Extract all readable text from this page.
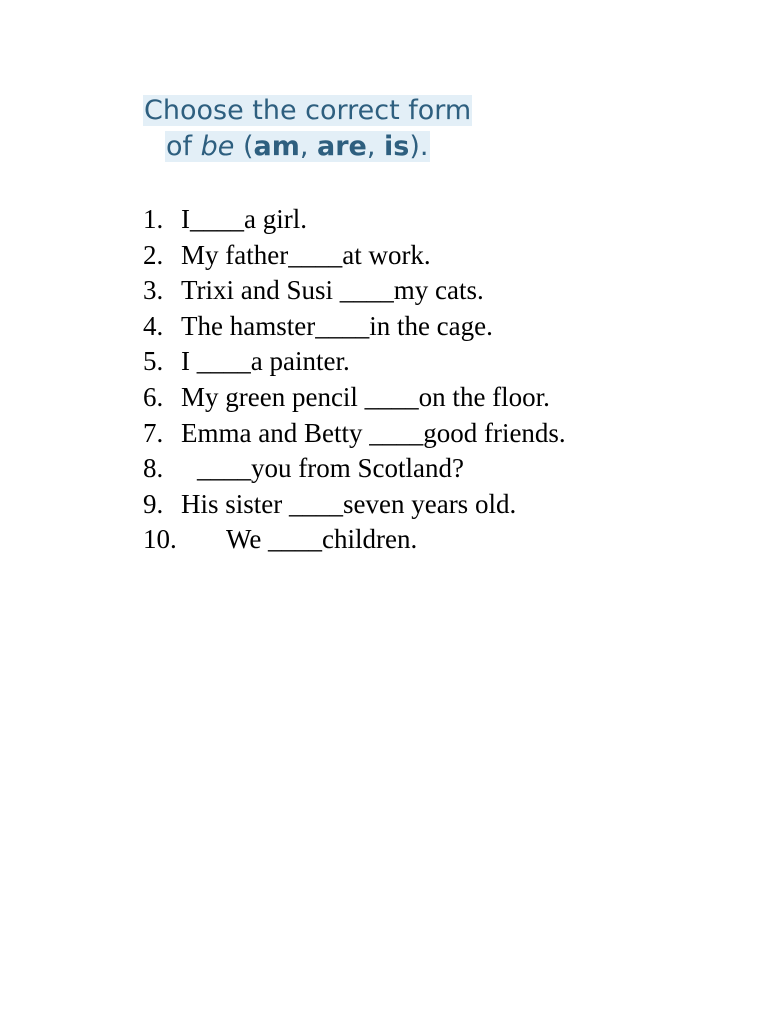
Choose the correct form
of be (am, are, is).
1. I____a girl.
2. My father____at work.
3. Trixi and Susi ____my cats.
4. The hamster____in the cage.
5. I ____a painter.
6. My green pencil ____on the floor.
7. Emma and Betty ____good friends.
8. ____you from Scotland?
9. His sister ____seven years old.
10. We ____children.
